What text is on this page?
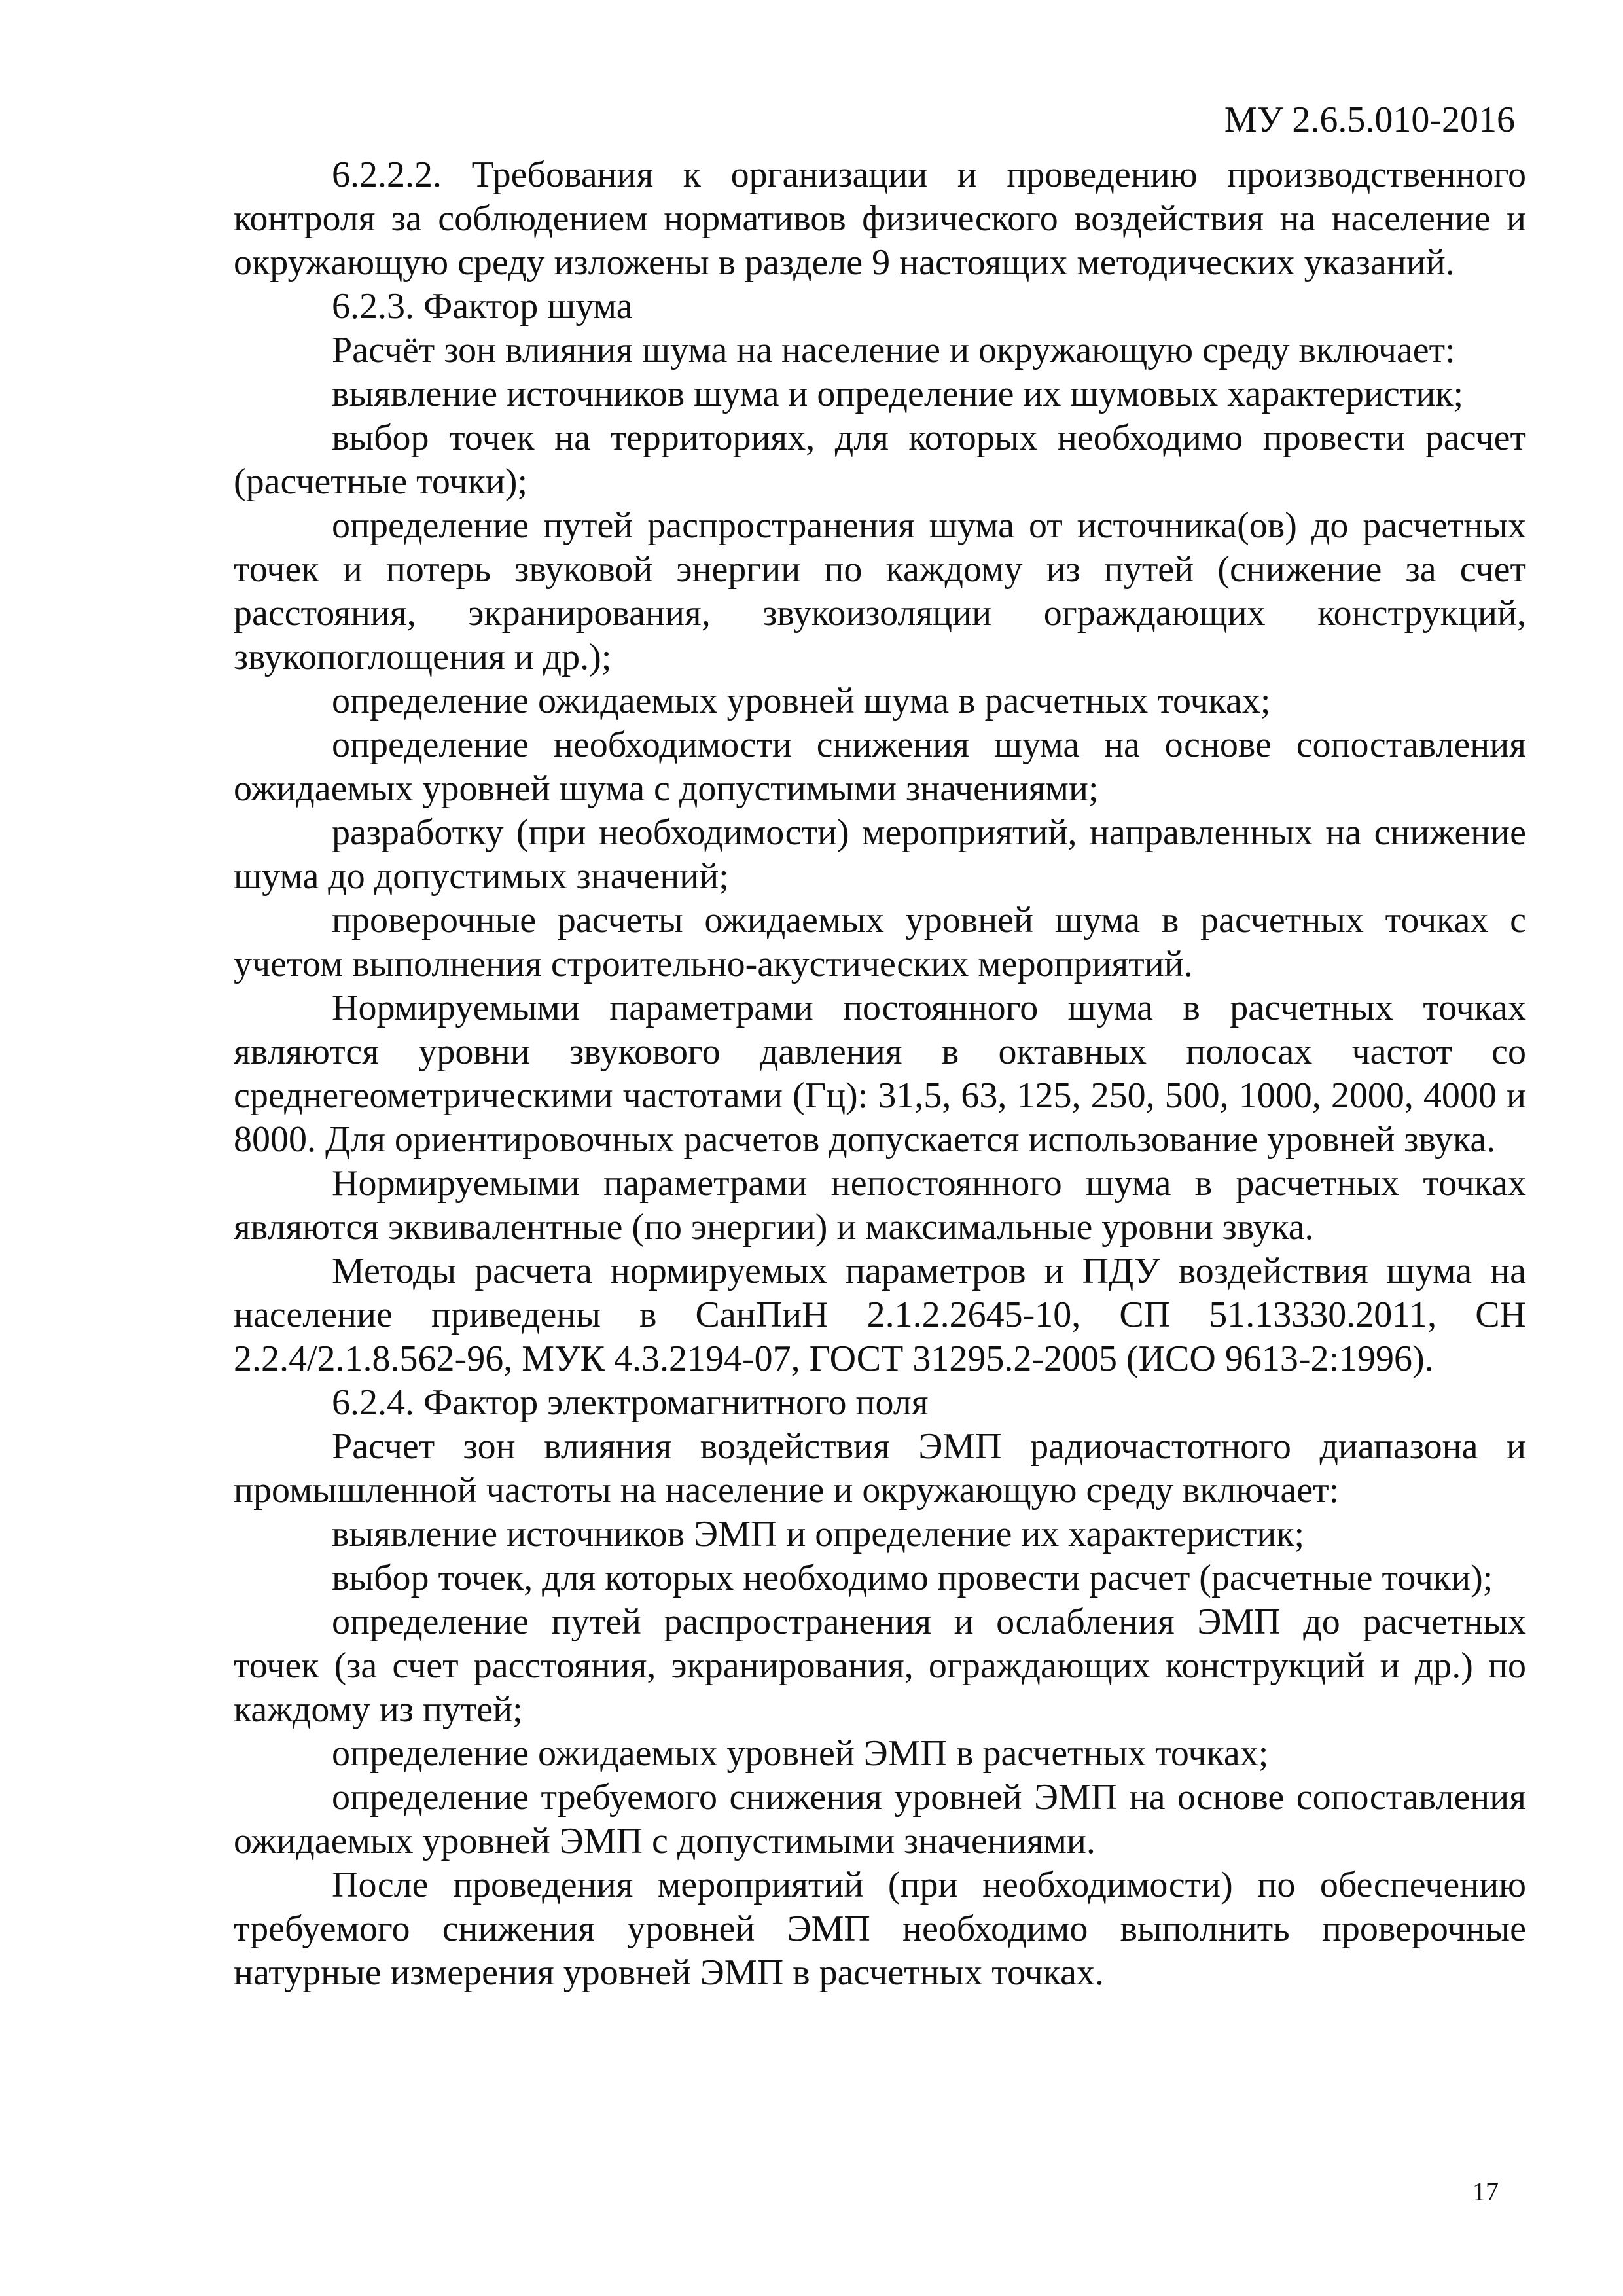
МУ 2.6.5.010-2016

6.2.2.2. Требования к организации и проведению производственного контроля за соблюдением нормативов физического воздействия на население и окружающую среду изложены в разделе 9 настоящих методических указаний.

6.2.3. Фактор шума

Расчёт зон влияния шума на население и окружающую среду включает:

выявление источников шума и определение их шумовых характеристик;

выбор точек на территориях, для которых необходимо провести расчет (расчетные точки);

определение путей распространения шума от источника(ов) до расчетных точек и потерь звуковой энергии по каждому из путей (снижение за счет расстояния, экранирования, звукоизоляции ограждающих конструкций, звукопоглощения и др.);

определение ожидаемых уровней шума в расчетных точках;

определение необходимости снижения шума на основе сопоставления ожидаемых уровней шума с допустимыми значениями;

разработку (при необходимости) мероприятий, направленных на снижение шума до допустимых значений;

проверочные расчеты ожидаемых уровней шума в расчетных точках с учетом выполнения строительно-акустических мероприятий.

Нормируемыми параметрами постоянного шума в расчетных точках являются уровни звукового давления в октавных полосах частот со среднегеометрическими частотами (Гц): 31,5, 63, 125, 250, 500, 1000, 2000, 4000 и 8000. Для ориентировочных расчетов допускается использование уровней звука.

Нормируемыми параметрами непостоянного шума в расчетных точках являются эквивалентные (по энергии) и максимальные уровни звука.

Методы расчета нормируемых параметров и ПДУ воздействия шума на население приведены в СанПиН 2.1.2.2645-10, СП 51.13330.2011, СН 2.2.4/2.1.8.562-96, МУК 4.3.2194-07, ГОСТ 31295.2-2005 (ИСО 9613-2:1996).

6.2.4. Фактор электромагнитного поля

Расчет зон влияния воздействия ЭМП радиочастотного диапазона и промышленной частоты на население и окружающую среду включает:

выявление источников ЭМП и определение их характеристик;

выбор точек, для которых необходимо провести расчет (расчетные точки);

определение путей распространения и ослабления ЭМП до расчетных точек (за счет расстояния, экранирования, ограждающих конструкций и др.) по каждому из путей;

определение ожидаемых уровней ЭМП в расчетных точках;

определение требуемого снижения уровней ЭМП на основе сопоставления ожидаемых уровней ЭМП с допустимыми значениями.

После проведения мероприятий (при необходимости) по обеспечению требуемого снижения уровней ЭМП необходимо выполнить проверочные натурные измерения уровней ЭМП в расчетных точках.

17
